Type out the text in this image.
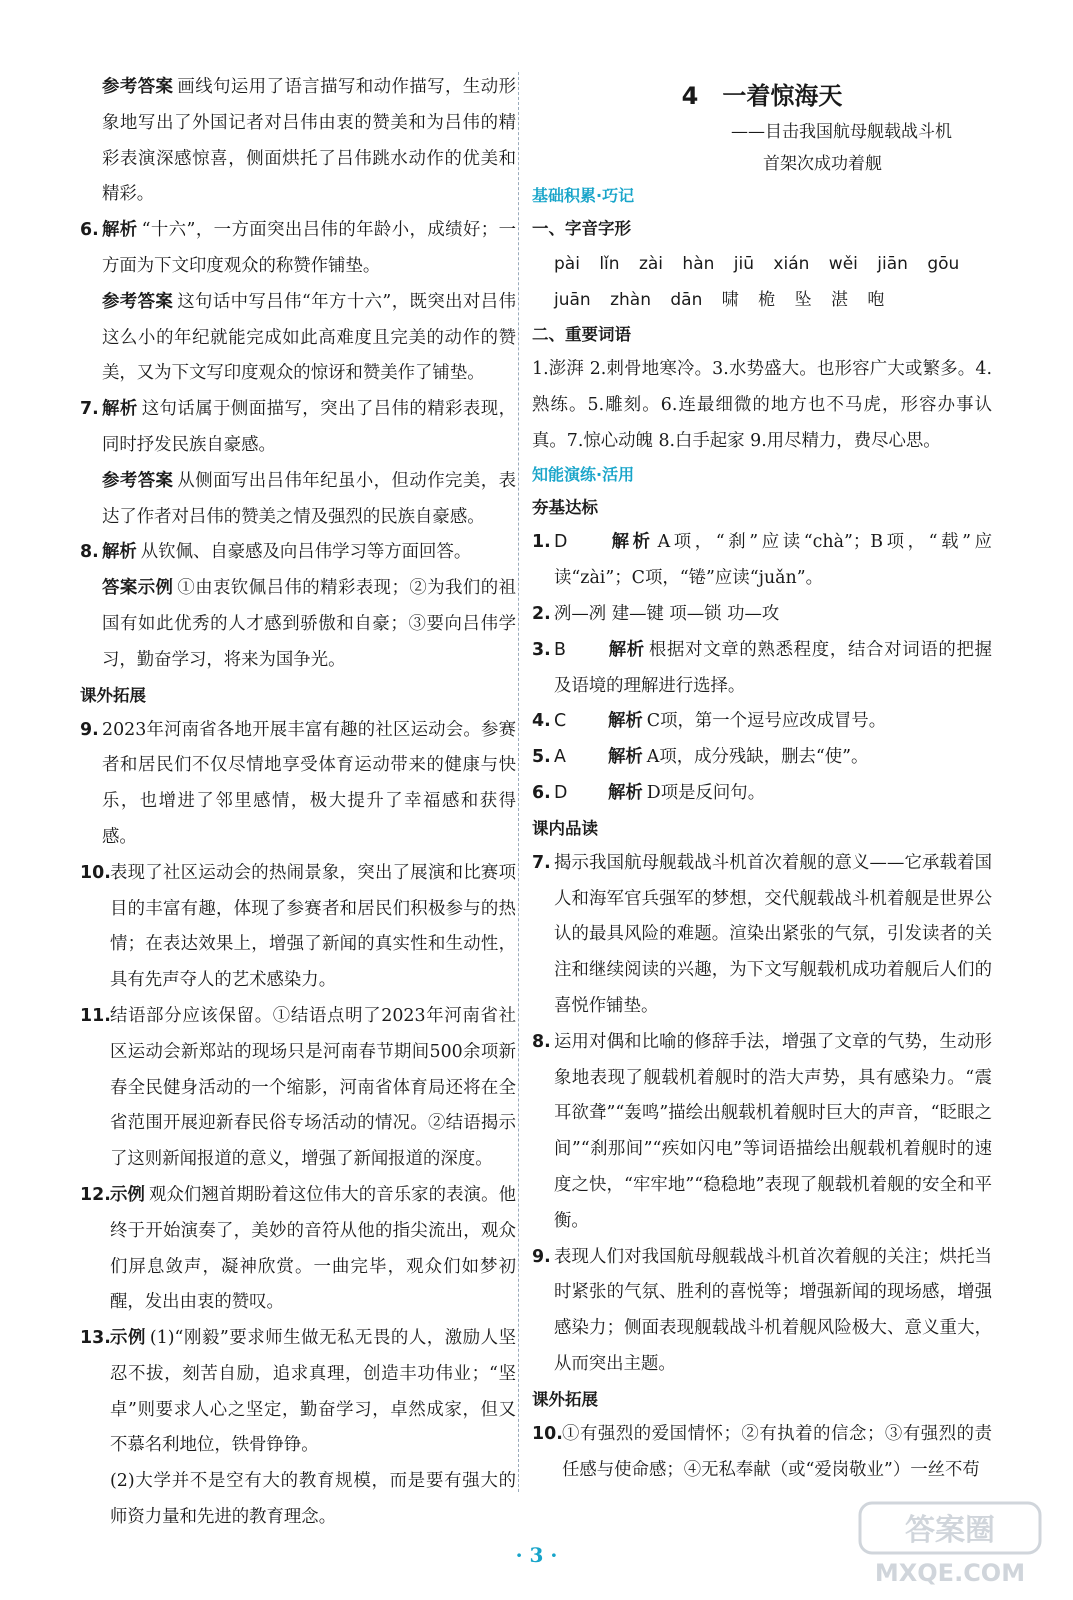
参考答案 画线句运用了语言描写和动作描写，生动形象地写出了外国记者对吕伟由衷的赞美和为吕伟的精彩表演深感惊喜，侧面烘托了吕伟跳水动作的优美和精彩。

6. 解析 “十六”，一方面突出吕伟的年龄小，成绩好；一方面为下文印度观众的称赞作铺垫。

参考答案 这句话中写吕伟“年方十六”，既突出对吕伟这么小的年纪就能完成如此高难度且完美的动作的赞美，又为下文写印度观众的惊讶和赞美作了铺垫。

7. 解析 这句话属于侧面描写，突出了吕伟的精彩表现，同时抒发民族自豪感。

参考答案 从侧面写出吕伟年纪虽小，但动作完美，表达了作者对吕伟的赞美之情及强烈的民族自豪感。

8. 解析 从钦佩、自豪感及向吕伟学习等方面回答。

答案示例 ①由衷钦佩吕伟的精彩表现；②为我们的祖国有如此优秀的人才感到骄傲和自豪；③要向吕伟学习，勤奋学习，将来为国争光。

课外拓展

9. 2023年河南省各地开展丰富有趣的社区运动会。参赛者和居民们不仅尽情地享受体育运动带来的健康与快乐，也增进了邻里感情，极大提升了幸福感和获得感。

10. 表现了社区运动会的热闹景象，突出了展演和比赛项目的丰富有趣，体现了参赛者和居民们积极参与的热情；在表达效果上，增强了新闻的真实性和生动性，具有先声夺人的艺术感染力。

11. 结语部分应该保留。①结语点明了2023年河南省社区运动会新郑站的现场只是河南春节期间500余项新春全民健身活动的一个缩影，河南省体育局还将在全省范围开展迎新春民俗专场活动的情况。②结语揭示了这则新闻报道的意义，增强了新闻报道的深度。

12. 示例 观众们翘首期盼着这位伟大的音乐家的表演。他终于开始演奏了，美妙的音符从他的指尖流出，观众们屏息敛声，凝神欣赏。一曲完毕，观众们如梦初醒，发出由衷的赞叹。

13. 示例 (1)“刚毅”要求师生做无私无畏的人，激励人坚忍不拔，刻苦自励，追求真理，创造丰功伟业；“坚卓”则要求人心之坚定，勤奋学习，卓然成家，但又不慕名利地位，铁骨铮铮。

(2)大学并不是空有大的教育规模，而是要有强大的师资力量和先进的教育理念。

4 一着惊海天

——目击我国航母舰载战斗机
首架次成功着舰
基础积累·巧记

一、字音字形

pài lǐn zài hàn jiū xián wěi jiān gōu
juān zhàn dān 啸 桅 坠 湛 咆

二、重要词语

1.澎湃 2.刺骨地寒冷。3.水势盛大。也形容广大或繁多。4.熟练。5.雕刻。6.连最细微的地方也不马虎，形容办事认真。7.惊心动魄 8.白手起家 9.用尽精力，费尽心思。

知能演练·活用

夯基达标

1. D 解析 A项，“刹”应读“chà”；B项，“载”应读“zài”；C项，“锩”应读“juǎn”。

2. 冽—冽 建—键 项—锁 功—攻

3. B 解析 根据对文章的熟悉程度，结合对词语的把握及语境的理解进行选择。

4. C 解析 C项，第一个逗号应改成冒号。

5. A 解析 A项，成分残缺，删去“使”。

6. D 解析 D项是反问句。

课内品读

7. 揭示我国航母舰载战斗机首次着舰的意义——它承载着国人和海军官兵强军的梦想，交代舰载战斗机着舰是世界公认的最具风险的难题。渲染出紧张的气氛，引发读者的关注和继续阅读的兴趣，为下文写舰载机成功着舰后人们的喜悦作铺垫。

8. 运用对偶和比喻的修辞手法，增强了文章的气势，生动形象地表现了舰载机着舰时的浩大声势，具有感染力。“震耳欲聋”“轰鸣”描绘出舰载机着舰时巨大的声音，“眨眼之间”“刹那间”“疾如闪电”等词语描绘出舰载机着舰时的速度之快，“牢牢地”“稳稳地”表现了舰载机着舰的安全和平衡。

9. 表现人们对我国航母舰载战斗机首次着舰的关注；烘托当时紧张的气氛、胜利的喜悦等；增强新闻的现场感，增强感染力；侧面表现舰载战斗机着舰风险极大、意义重大，从而突出主题。

课外拓展

10. ①有强烈的爱国情怀；②有执着的信念；③有强烈的责任感与使命感；④无私奉献（或“爱岗敬业”）一丝不苟

· 3 ·
答案圈
MXQE.COM
